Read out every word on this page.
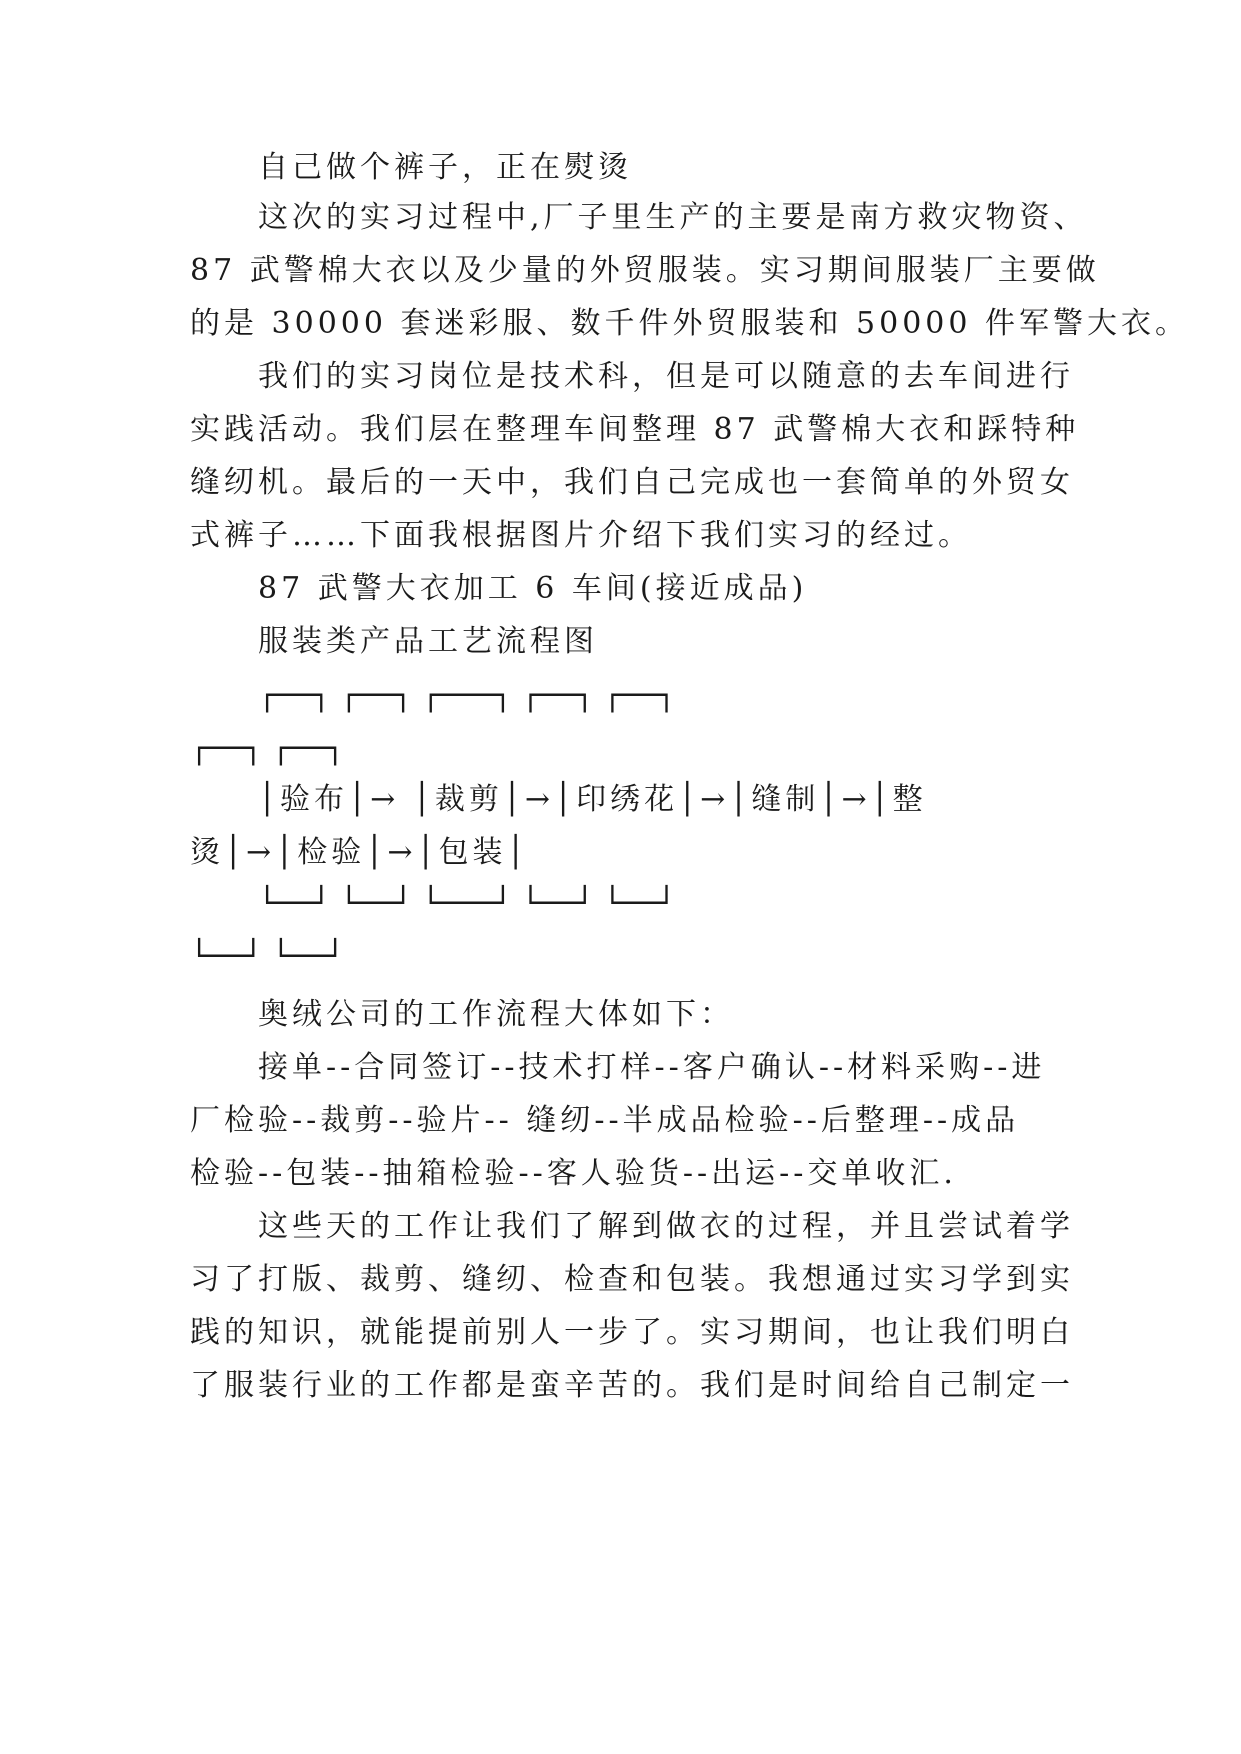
自己做个裤子，正在熨烫
这次的实习过程中,厂子里生产的主要是南方救灾物资、
87 武警棉大衣以及少量的外贸服装。实习期间服装厂主要做
的是 30000 套迷彩服、数千件外贸服装和 50000 件军警大衣。
我们的实习岗位是技术科，但是可以随意的去车间进行
实践活动。我们层在整理车间整理 87 武警棉大衣和踩特种
缝纫机。最后的一天中，我们自己完成也一套简单的外贸女
式裤子……下面我根据图片介绍下我们实习的经过。
87 武警大衣加工 6 车间(接近成品)
服装类产品工艺流程图
┌──┐ ┌──┐ ┌───┐ ┌──┐ ┌──┐
┌──┐ ┌──┐
│验布│→ │裁剪│→│印绣花│→│缝制│→│整
烫│→│检验│→│包装│
└──┘ └──┘ └───┘ └──┘ └──┘
└──┘ └──┘
奥绒公司的工作流程大体如下：
接单--合同签订--技术打样--客户确认--材料采购--进
厂检验--裁剪--验片-- 缝纫--半成品检验--后整理--成品
检验--包装--抽箱检验--客人验货--出运--交单收汇.
这些天的工作让我们了解到做衣的过程，并且尝试着学
习了打版、裁剪、缝纫、检查和包装。我想通过实习学到实
践的知识，就能提前别人一步了。实习期间，也让我们明白
了服装行业的工作都是蛮辛苦的。我们是时间给自己制定一
